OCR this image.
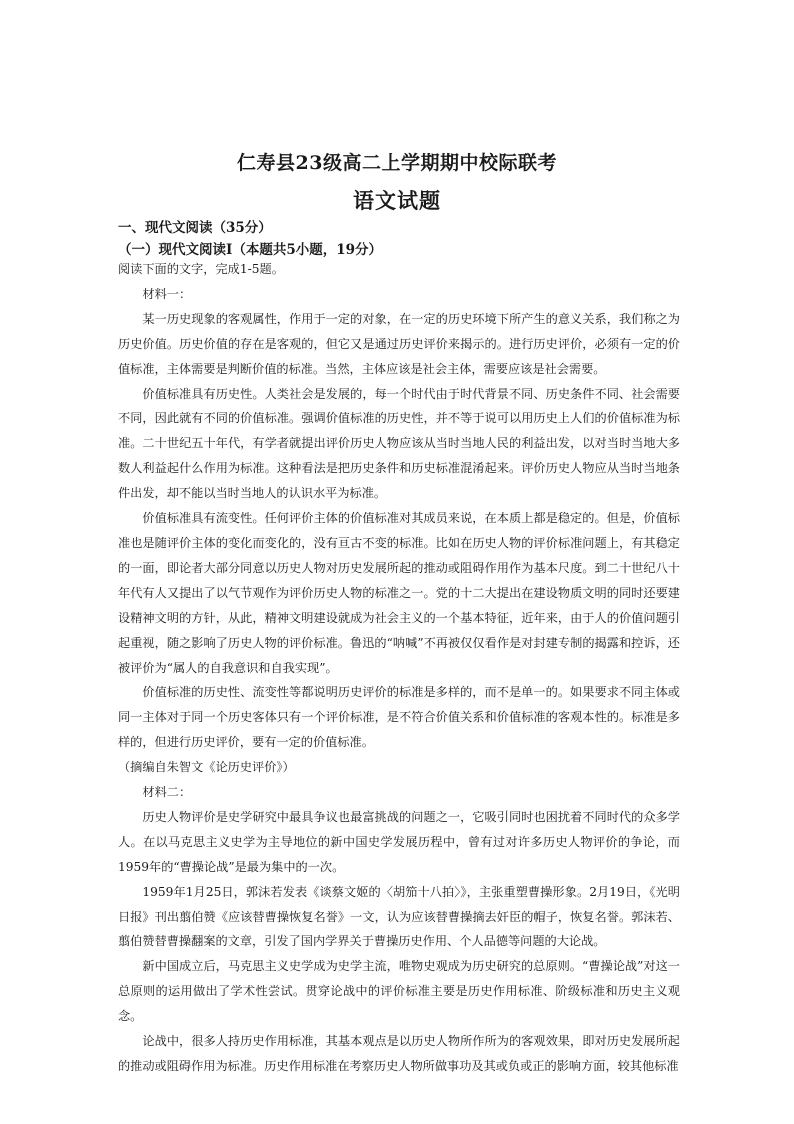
仁寿县23级高二上学期期中校际联考
语文试题
一、现代文阅读（35分）
（一）现代文阅读Ⅰ（本题共5小题，19分）

阅读下面的文字，完成1-5题。

材料一：

某一历史现象的客观属性，作用于一定的对象，在一定的历史环境下所产生的意义关系，我们称之为历史价值。历史价值的存在是客观的，但它又是通过历史评价来揭示的。进行历史评价，必须有一定的价值标准，主体需要是判断价值的标准。当然，主体应该是社会主体，需要应该是社会需要。

价值标准具有历史性。人类社会是发展的，每一个时代由于时代背景不同、历史条件不同、社会需要不同，因此就有不同的价值标准。强调价值标准的历史性，并不等于说可以用历史上人们的价值标准为标准。二十世纪五十年代，有学者就提出评价历史人物应该从当时当地人民的利益出发，以对当时当地大多数人利益起什么作用为标准。这种看法是把历史条件和历史标准混淆起来。评价历史人物应从当时当地条件出发，却不能以当时当地人的认识水平为标准。

价值标准具有流变性。任何评价主体的价值标准对其成员来说，在本质上都是稳定的。但是，价值标准也是随评价主体的变化而变化的，没有亘古不变的标准。比如在历史人物的评价标准问题上，有其稳定的一面，即论者大部分同意以历史人物对历史发展所起的推动或阻碍作用作为基本尺度。到二十世纪八十年代有人又提出了以气节观作为评价历史人物的标准之一。党的十二大提出在建设物质文明的同时还要建设精神文明的方针，从此，精神文明建设就成为社会主义的一个基本特征，近年来，由于人的价值问题引起重视，随之影响了历史人物的评价标准。鲁迅的“呐喊”不再被仅仅看作是对封建专制的揭露和控诉，还被评价为“属人的自我意识和自我实现”。

价值标准的历史性、流变性等都说明历史评价的标准是多样的，而不是单一的。如果要求不同主体或同一主体对于同一个历史客体只有一个评价标准，是不符合价值关系和价值标准的客观本性的。标准是多样的，但进行历史评价，要有一定的价值标准。

（摘编自朱智文《论历史评价》）

材料二：

历史人物评价是史学研究中最具争议也最富挑战的问题之一，它吸引同时也困扰着不同时代的众多学人。在以马克思主义史学为主导地位的新中国史学发展历程中，曾有过对许多历史人物评价的争论，而1959年的“曹操论战”是最为集中的一次。

1959年1月25日，郭沫若发表《谈蔡文姬的〈胡笳十八拍〉》，主张重塑曹操形象。2月19日，《光明日报》刊出翦伯赞《应该替曹操恢复名誉》一文，认为应该替曹操摘去奸臣的帽子，恢复名誉。郭沫若、翦伯赞替曹操翻案的文章，引发了国内学界关于曹操历史作用、个人品德等问题的大论战。

新中国成立后，马克思主义史学成为史学主流，唯物史观成为历史研究的总原则。“曹操论战”对这一总原则的运用做出了学术性尝试。贯穿论战中的评价标准主要是历史作用标准、阶级标准和历史主义观念。

论战中，很多人持历史作用标准，其基本观点是以历史人物所作所为的客观效果，即对历史发展所起的推动或阻碍作用为标准。历史作用标准在考察历史人物所做事功及其或负或正的影响方面，较其他标准
